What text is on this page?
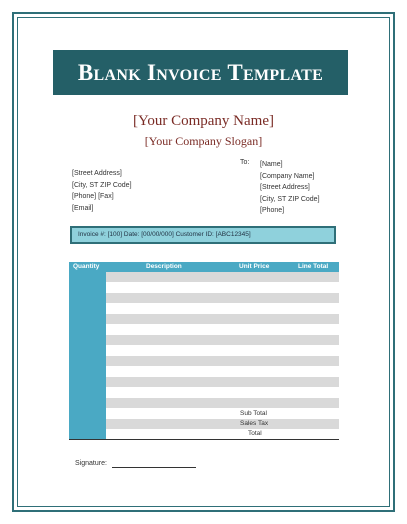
Blank Invoice Template
[Your Company Name]
[Your Company Slogan]
[Street Address]
[City, ST ZIP Code]
[Phone] [Fax]
[Email]
To: [Name]
[Company Name]
[Street Address]
[City, ST ZIP Code]
[Phone]
Invoice #: [100] Date: [00/00/000] Customer ID: [ABC12345]
Quantity	Description	Unit Price	Line Total
Sub Total
Sales Tax
Total
Signature:
